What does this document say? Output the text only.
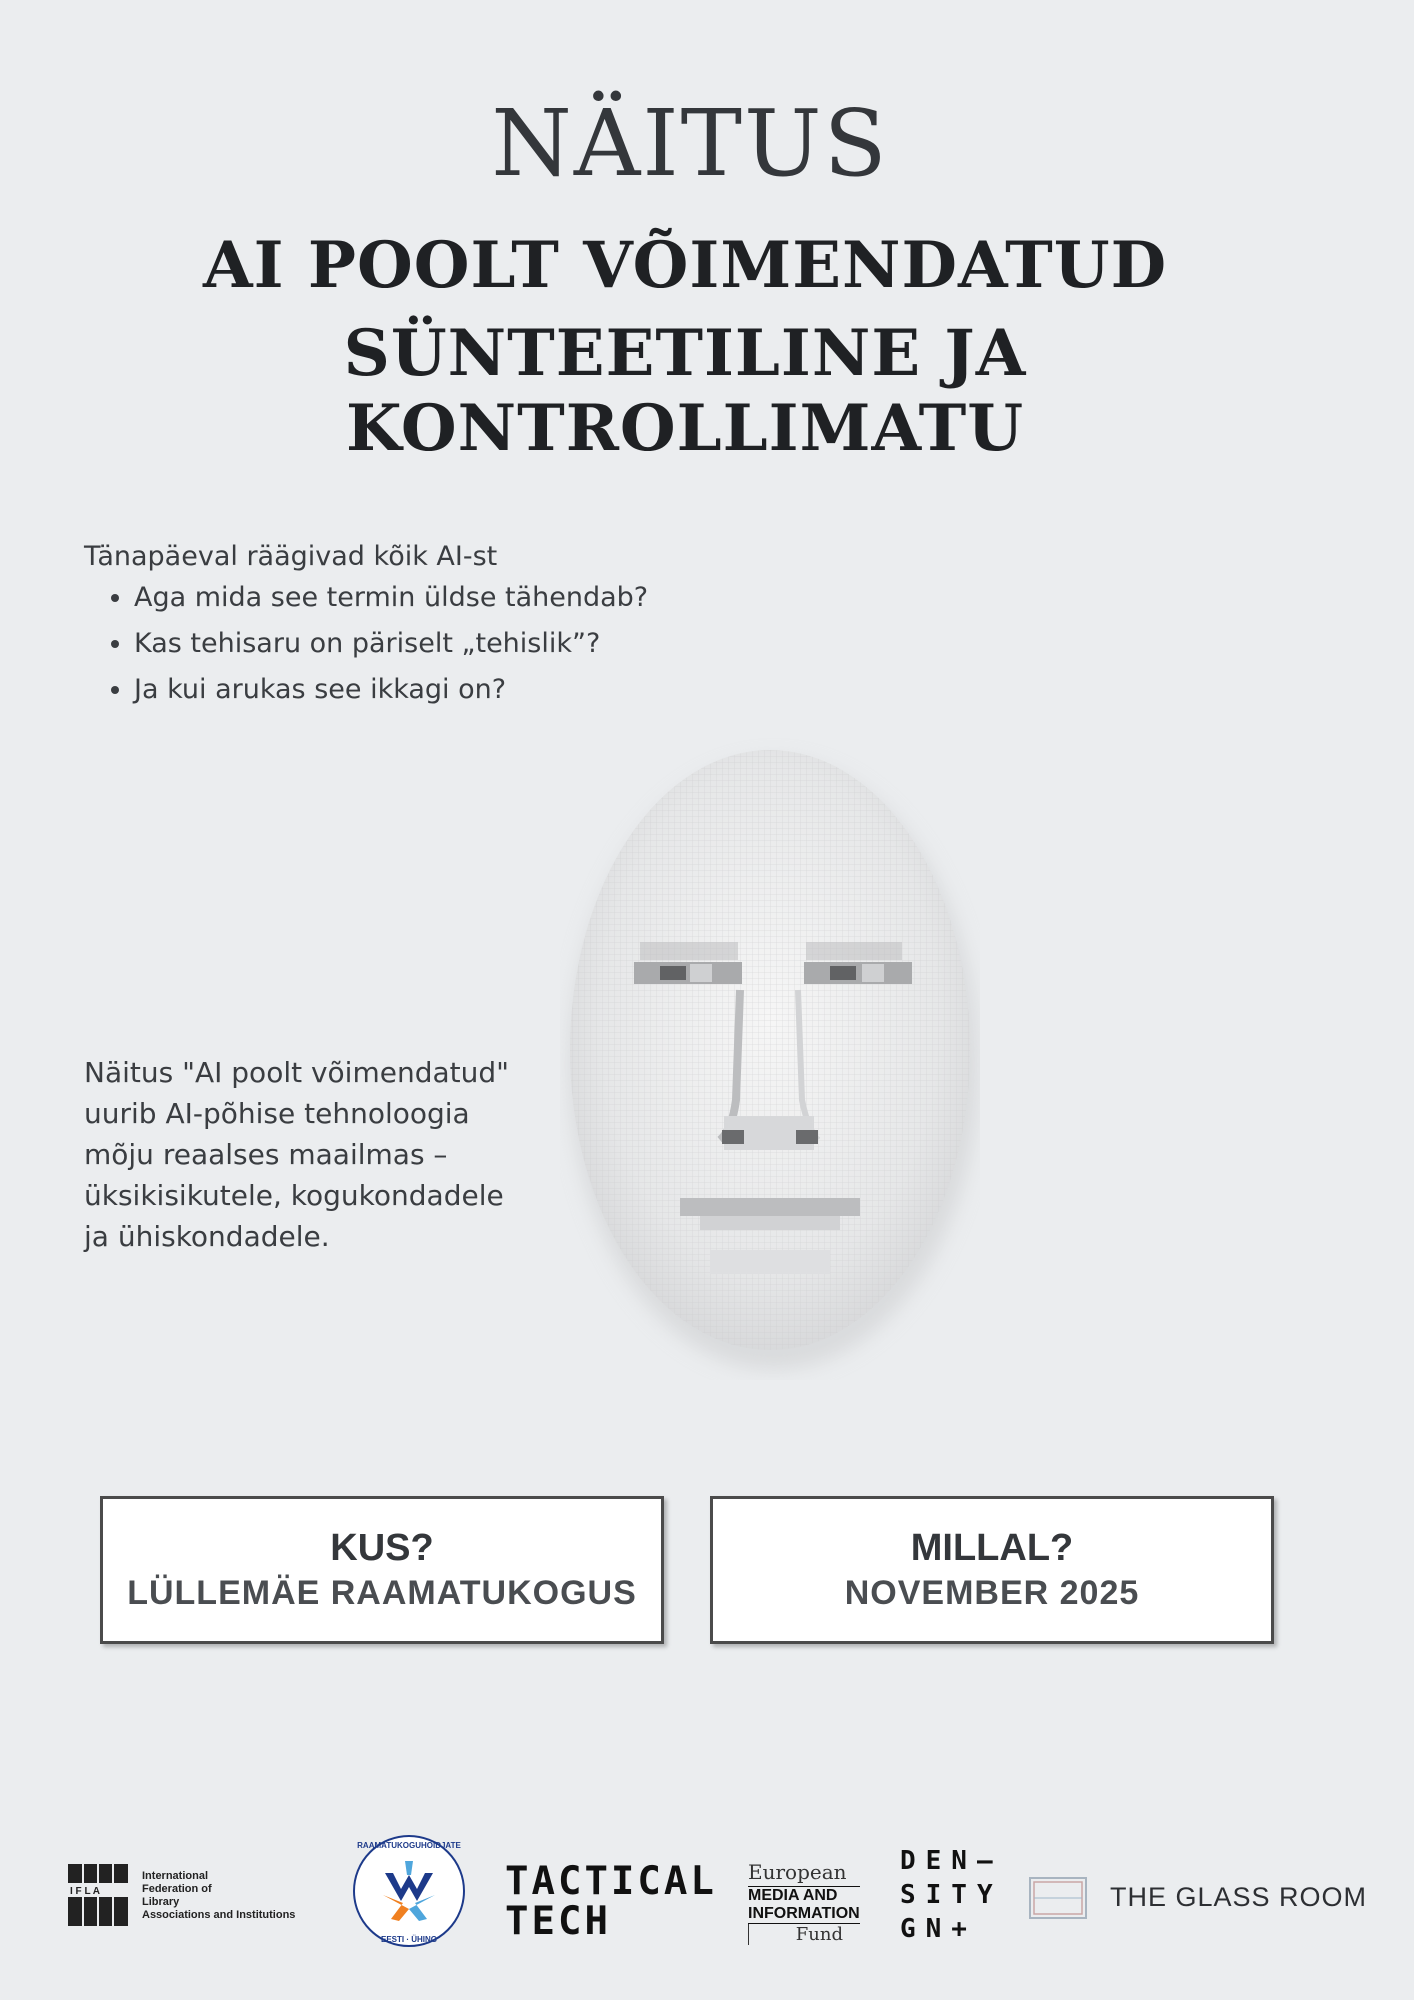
NÄITUS
AI POOLT VÕIMENDATUD
SÜNTEETILINE JA KONTROLLIMATU

Tänapäeval räägivad kõik AI-st

• Aga mida see termin üldse tähendab?
• Kas tehisaru on päriselt „tehislik”?
• Ja kui arukas see ikkagi on?
Näitus "AI poolt võimendatud"
uurib AI-põhise tehnoloogia
mõju reaalses maailmas –
üksikisikutele, kogukondadele
ja ühiskondadele.
KUS?
LÜLLEMÄE RAAMATUKOGUS
MILLAL?
NOVEMBER 2025
I F L A
International
Federation of
Library
Associations and Institutions
RAAMATUKOGUHOIDJATE
EESTI · ÜHING
TACTICAL
TECH
European
MEDIA AND
INFORMATION
Fund
DEN–
SITY
GN+
THE GLASS ROOM
